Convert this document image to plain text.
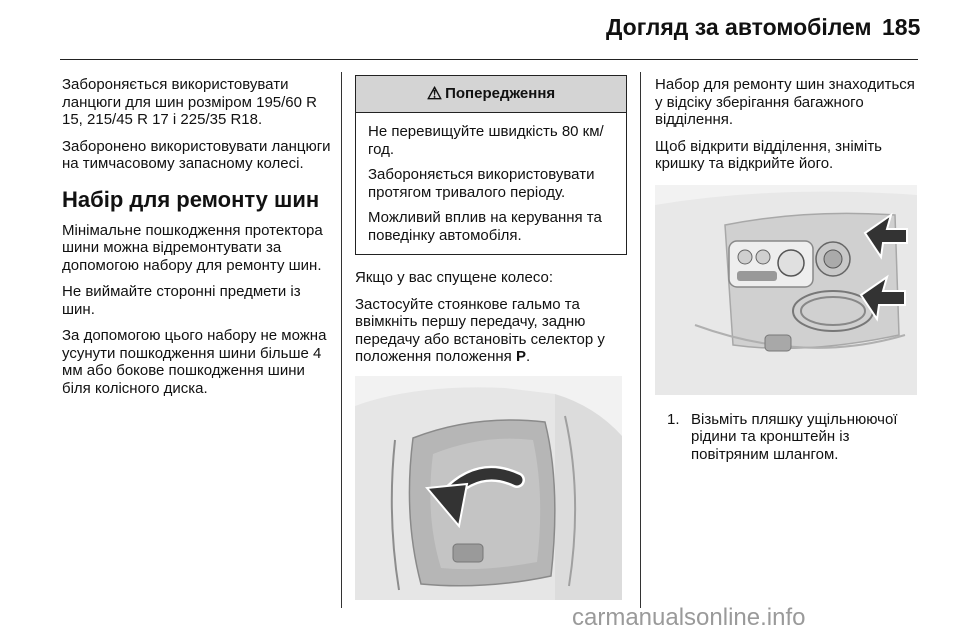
Догляд за автомобілем 185

Забороняється використовувати ланцюги для шин розміром 195/60 R 15, 215/45 R 17 і 225/35 R18.

Заборонено використовувати ланцюги на тимчасовому запасному колесі.

Набір для ремонту шин

Мінімальне пошкодження протектора шини можна відремонтувати за допомогою набору для ремонту шин.

Не виймайте сторонні предмети із шин.

За допомогою цього набору не можна усунути пошкодження шини більше 4 мм або бокове пошкодження шини біля колісного диска.

⚠ Попередження

Не перевищуйте швидкість 80 км/год.

Забороняється використовувати протягом тривалого періоду.

Можливий вплив на керування та поведінку автомобіля.

Якщо у вас спущене колесо:

Застосуйте стоянкове гальмо та ввімкніть першу передачу, задню передачу або встановіть селектор у положення положення P.

Набор для ремонту шин знаходиться у відсіку зберігання багажного відділення.

Щоб відкрити відділення, зніміть кришку та відкрийте його.

1. Візьміть пляшку ущільнюючої рідини та кронштейн із повітряним шлангом.
carmanualsonline.info
